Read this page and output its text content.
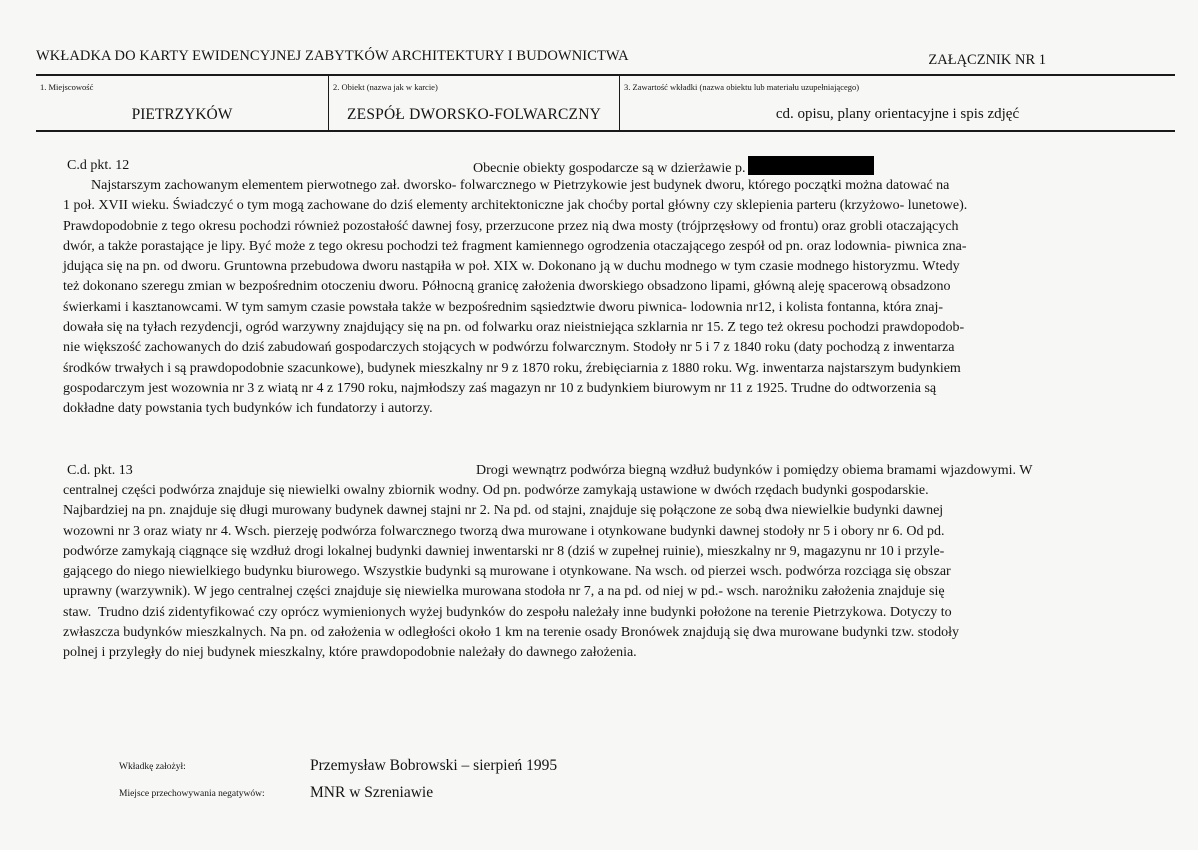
WKŁADKA DO KARTY EWIDENCYJNEJ ZABYTKÓW ARCHITEKTURY I BUDOWNICTWA	ZAŁĄCZNIK NR 1
1. Miejscowość
PIETRZYKÓW
2. Obiekt (nazwa jak w karcie)
ZESPÓŁ DWORSKO-FOLWARCZNY
3. Zawartość wkładki (nazwa obiektu lub materiału uzupełniającego)
cd. opisu, plany orientacyjne i spis zdjęć
C.d pkt. 12	Obecnie obiekty gospodarcze są w dzierżawie p.

Najstarszym zachowanym elementem pierwotnego zał. dworsko- folwarcznego w Pietrzykowie jest budynek dworu, którego początki można datować na

1 poł. XVII wieku. Świadczyć o tym mogą zachowane do dziś elementy architektoniczne jak choćby portal główny czy sklepienia parteru (krzyżowo- lunetowe).

Prawdopodobnie z tego okresu pochodzi również pozostałość dawnej fosy, przerzucone przez nią dwa mosty (trójprzęsłowy od frontu) oraz grobli otaczających

dwór, a także porastające je lipy. Być może z tego okresu pochodzi też fragment kamiennego ogrodzenia otaczającego zespół od pn. oraz lodownia- piwnica zna-

jdująca się na pn. od dworu. Gruntowna przebudowa dworu nastąpiła w poł. XIX w. Dokonano ją w duchu modnego w tym czasie modnego historyzmu. Wtedy

też dokonano szeregu zmian w bezpośrednim otoczeniu dworu. Północną granicę założenia dworskiego obsadzono lipami, główną aleję spacerową obsadzono

świerkami i kasztanowcami. W tym samym czasie powstała także w bezpośrednim sąsiedztwie dworu piwnica- lodownia nr12, i kolista fontanna, która znaj-

dowała się na tyłach rezydencji, ogród warzywny znajdujący się na pn. od folwarku oraz nieistniejąca szklarnia nr 15. Z tego też okresu pochodzi prawdopodob-

nie większość zachowanych do dziś zabudowań gospodarczych stojących w podwórzu folwarcznym. Stodoły nr 5 i 7 z 1840 roku (daty pochodzą z inwentarza

środków trwałych i są prawdopodobnie szacunkowe), budynek mieszkalny nr 9 z 1870 roku, źrebięciarnia z 1880 roku. Wg. inwentarza najstarszym budynkiem

gospodarczym jest wozownia nr 3 z wiatą nr 4 z 1790 roku, najmłodszy zaś magazyn nr 10 z budynkiem biurowym nr 11 z 1925. Trudne do odtworzenia są

dokładne daty powstania tych budynków ich fundatorzy i autorzy.

C.d. pkt. 13	Drogi wewnątrz podwórza biegną wzdłuż budynków i pomiędzy obiema bramami wjazdowymi. W

centralnej części podwórza znajduje się niewielki owalny zbiornik wodny. Od pn. podwórze zamykają ustawione w dwóch rzędach budynki gospodarskie.

Najbardziej na pn. znajduje się długi murowany budynek dawnej stajni nr 2. Na pd. od stajni, znajduje się połączone ze sobą dwa niewielkie budynki dawnej

wozowni nr 3 oraz wiaty nr 4. Wsch. pierzeję podwórza folwarcznego tworzą dwa murowane i otynkowane budynki dawnej stodoły nr 5 i obory nr 6. Od pd.

podwórze zamykają ciągnące się wzdłuż drogi lokalnej budynki dawniej inwentarski nr 8 (dziś w zupełnej ruinie), mieszkalny nr 9, magazynu nr 10 i przyle-

gającego do niego niewielkiego budynku biurowego. Wszystkie budynki są murowane i otynkowane. Na wsch. od pierzei wsch. podwórza rozciąga się obszar

uprawny (warzywnik). W jego centralnej części znajduje się niewielka murowana stodoła nr 7, a na pd. od niej w pd.- wsch. narożniku założenia znajduje się

staw.  Trudno dziś zidentyfikować czy oprócz wymienionych wyżej budynków do zespołu należały inne budynki położone na terenie Pietrzykowa. Dotyczy to

zwłaszcza budynków mieszkalnych. Na pn. od założenia w odległości około 1 km na terenie osady Bronówek znajdują się dwa murowane budynki tzw. stodoły

polnej i przyległy do niej budynek mieszkalny, które prawdopodobnie należały do dawnego założenia.

Wkładkę założył:	Przemysław Bobrowski – sierpień 1995
Miejsce przechowywania negatywów:	MNR w Szreniawie
